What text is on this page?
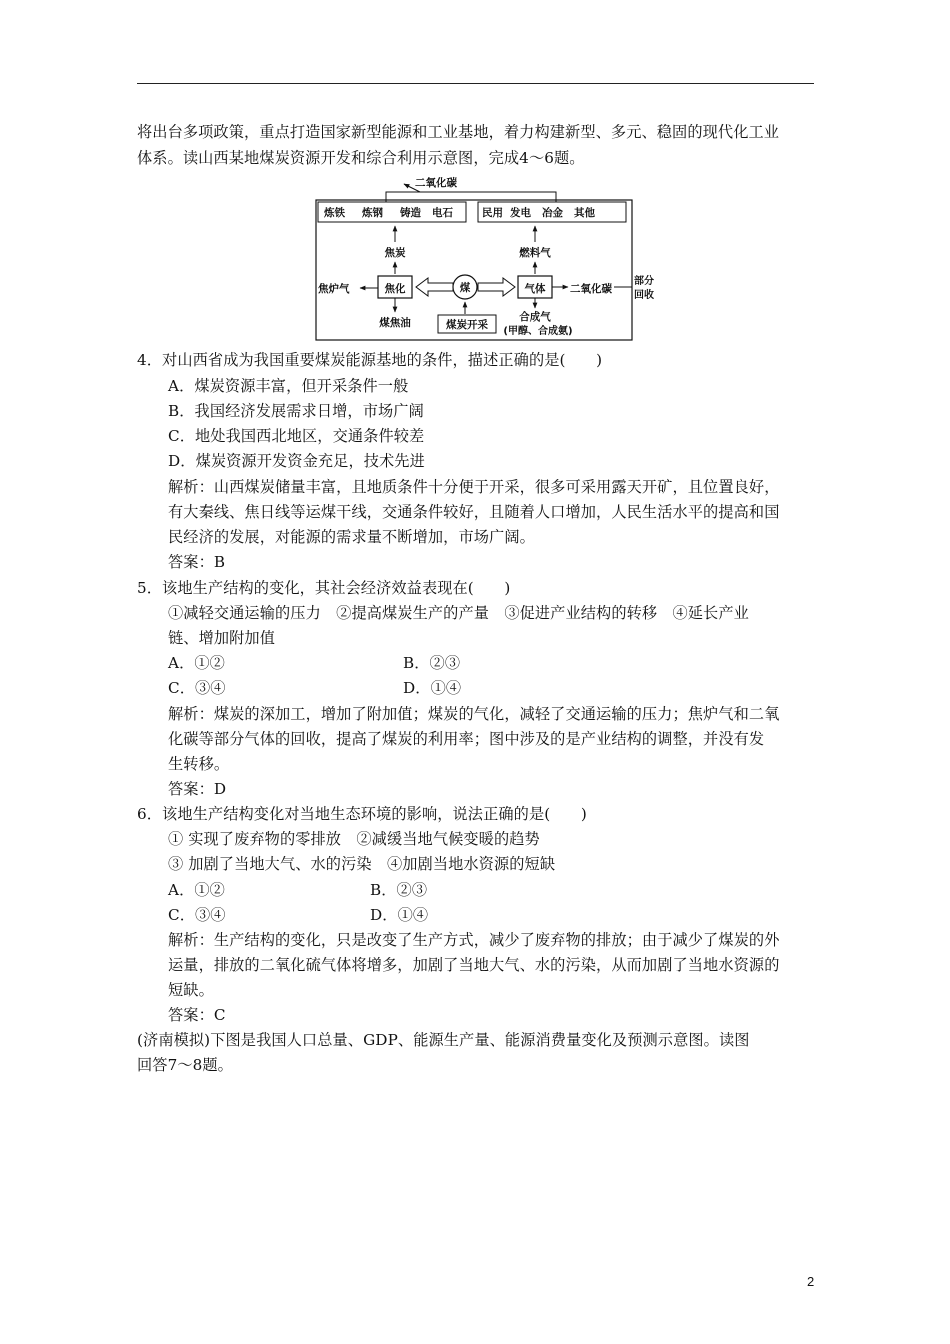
将出台多项政策，重点打造国家新型能源和工业基地，着力构建新型、多元、稳固的现代化工业
体系。读山西某地煤炭资源开发和综合利用示意图，完成4～6题。
二氧化碳
炼铁 炼钢 铸造 电石	民用 发电 冶金 其他
焦炭	燃料气
焦炉气	焦化	煤	气体 二氧化碳
部分
回收
煤焦油	煤炭开采
合成气
(甲醇、合成氨)
4．对山西省成为我国重要煤炭能源基地的条件，描述正确的是(　　)
A．煤炭资源丰富，但开采条件一般
B．我国经济发展需求日增，市场广阔
C．地处我国西北地区，交通条件较差
D．煤炭资源开发资金充足，技术先进
解析：山西煤炭储量丰富，且地质条件十分便于开采，很多可采用露天开矿，且位置良好，
有大秦线、焦日线等运煤干线，交通条件较好，且随着人口增加，人民生活水平的提高和国
民经济的发展，对能源的需求量不断增加，市场广阔。
答案：B
5．该地生产结构的变化，其社会经济效益表现在(　　)
①减轻交通运输的压力　②提高煤炭生产的产量　③促进产业结构的转移　④延长产业
链、增加附加值
A．①②	B．②③
C．③④	D．①④
解析：煤炭的深加工，增加了附加值；煤炭的气化，减轻了交通运输的压力；焦炉气和二氧
化碳等部分气体的回收，提高了煤炭的利用率；图中涉及的是产业结构的调整，并没有发
生转移。
答案：D
6．该地生产结构变化对当地生态环境的影响，说法正确的是(　　)
① 实现了废弃物的零排放　②减缓当地气候变暖的趋势
③ 加剧了当地大气、水的污染　④加剧当地水资源的短缺
A．①②	B．②③
C．③④	D．①④
解析：生产结构的变化，只是改变了生产方式，减少了废弃物的排放；由于减少了煤炭的外
运量，排放的二氧化硫气体将增多，加剧了当地大气、水的污染，从而加剧了当地水资源的
短缺。
答案：C
(济南模拟)下图是我国人口总量、GDP、能源生产量、能源消费量变化及预测示意图。读图
回答7～8题。
2
